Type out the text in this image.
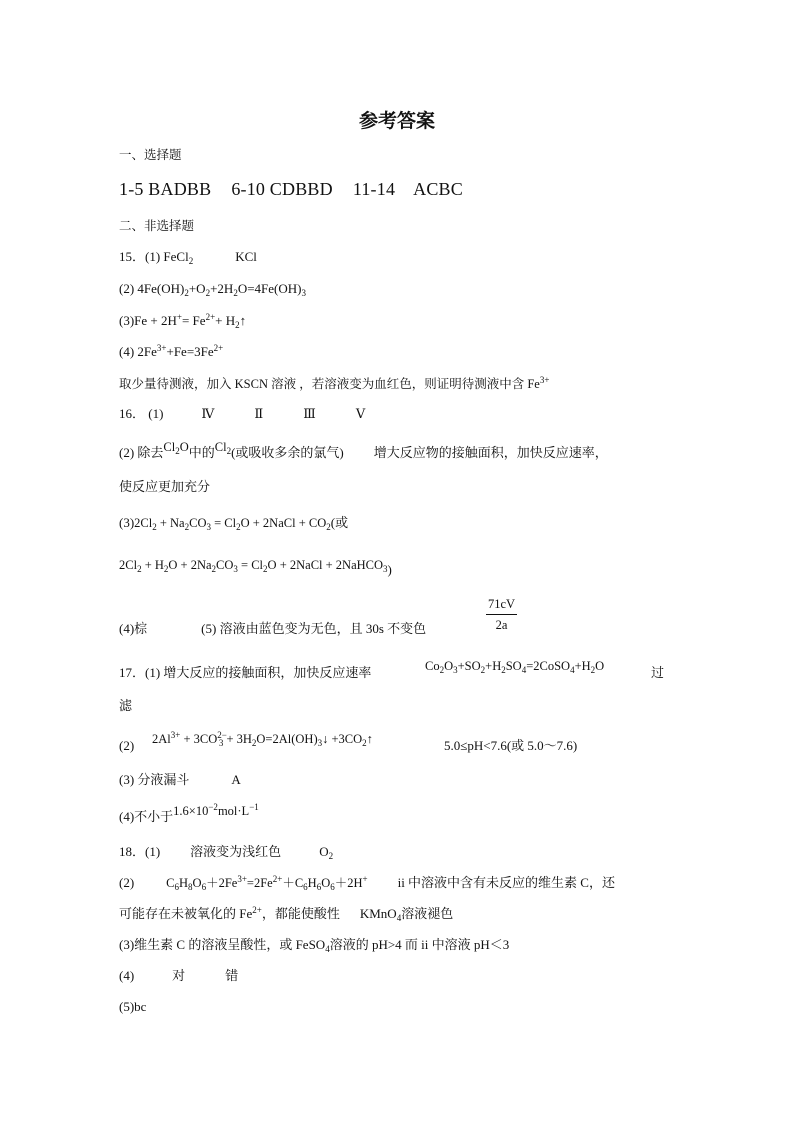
参考答案
一、选择题
1-5 BADBB 6-10 CDBBD 11-14 ACBC
二、非选择题
15．(1) FeCl$_2$	KCl
(2) $4Fe(OH)_2+O_2+2H_2O=4Fe(OH)_3$
$(3)Fe + 2H^+= Fe^{2+}+$ $H_2↑$
(4) $2Fe^{3+}+Fe=3Fe^{2+}$
取少量待测液，加入 KSCN 溶液 ，若溶液变为血红色，则证明待测液中含 $Fe^{3+}$
16． (1)	Ⅳ	Ⅱ	Ⅲ	Ⅴ
(2) 除去$Cl_2O$中的$Cl_2$(或吸收多余的氯气) 增大反应物的接触面积，加快反应速率，
使反应更加充分
$(3)2Cl_2 + Na_2CO_3 = Cl_2O$ + 2NaCl + $CO_2$(或
$2Cl_2 + H_2O + 2Na_2CO_3 = Cl_2O$ + 2NaCl + 2NaHCO$_3$)
(4)棕	(5) 溶液由蓝色变为无色，且 30s 不变色	$\frac{71cV}{2a}$
17．(1) 增大反应的接触面积，加快反应速率	$Co_2O_3+SO_2+H_2SO_4=2CoSO_4+H_2O$	过
滤
(2) $2Al^{3+} + 3CO^{2-}_3$ + $3H_2O=2Al(OH)_3↓$ $+3CO_2↑$	5.0≤pH<7.6(或 5.0～7.6)
(3) 分液漏斗	A
(4)不小于$1.6\times 10^{-2}mol\cdot L^{-1}$
18．(1) 溶液变为浅红色	$O_2$
(2)	$C_6H_8O_6+2Fe^{3+}=2Fe^{2+}+C_6H_6O_6+2H^+$ ii 中溶液中含有未反应的维生素 C，还
可能存在未被氧化的 $Fe^{2+}$，都能使酸性 KMnO$_4$溶液褪色
(3)维生素 C 的溶液呈酸性，或 FeSO$_4$溶液的 pH>4 而 ii 中溶液 pH＜3
(4)	对	错
(5)bc
